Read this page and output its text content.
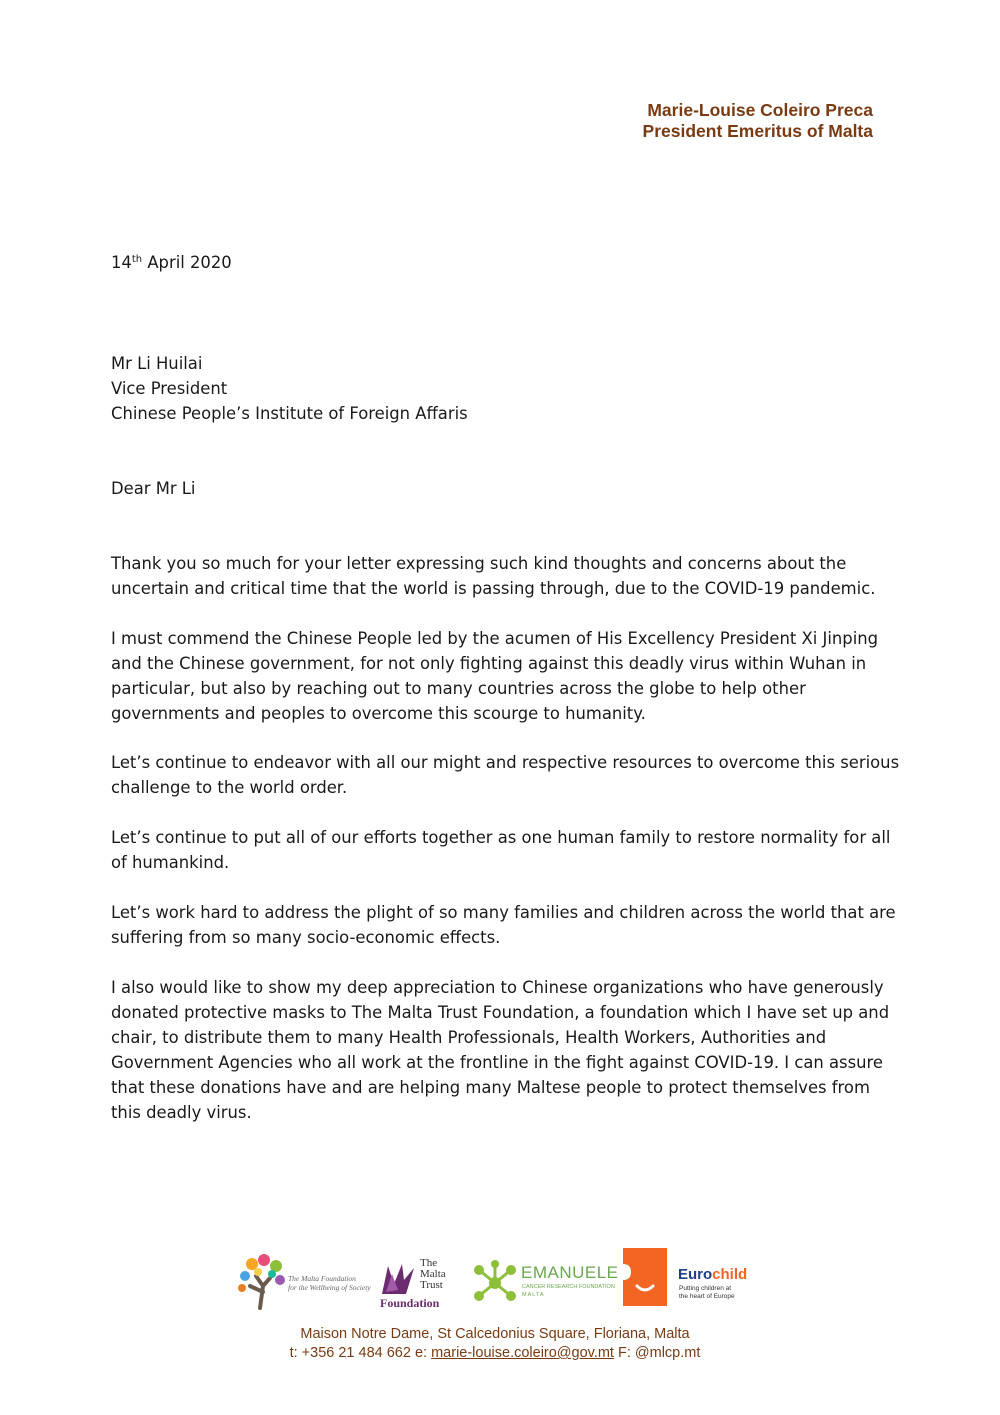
Marie-Louise Coleiro Preca
President Emeritus of Malta
14th April 2020

Mr Li Huilai

Vice President

Chinese People’s Institute of Foreign Affaris

Dear Mr Li
Thank you so much for your letter expressing such kind thoughts and concerns about the uncertain and critical time that the world is passing through, due to the COVID-19 pandemic.
I must commend the Chinese People led by the acumen of His Excellency President Xi Jinping and the Chinese government, for not only fighting against this deadly virus within Wuhan in particular, but also by reaching out to many countries across the globe to help other governments and peoples to overcome this scourge to humanity.
Let’s continue to endeavor with all our might and respective resources to overcome this serious challenge to the world order.
Let’s continue to put all of our efforts together as one human family to restore normality for all of humankind.
Let’s work hard to address the plight of so many families and children across the world that are suffering from so many socio-economic effects.
I also would like to show my deep appreciation to Chinese organizations who have generously donated protective masks to The Malta Trust Foundation, a foundation which I have set up and chair, to distribute them to many Health Professionals, Health Workers, Authorities and Government Agencies who all work at the frontline in the fight against COVID-19. I can assure that these donations have and are helping many Maltese people to protect themselves from this deadly virus.
The Malta Foundation
for the Wellbeing of Society
The
Malta
Trust
Foundation
EMANUELE
CANCER RESEARCH FOUNDATION
MALTA
Eurochild
Putting children at
the heart of Europe
Maison Notre Dame, St Calcedonius Square, Floriana, Malta
t: +356 21 484 662 e: marie-louise.coleiro@gov.mt F: @mlcp.mt
